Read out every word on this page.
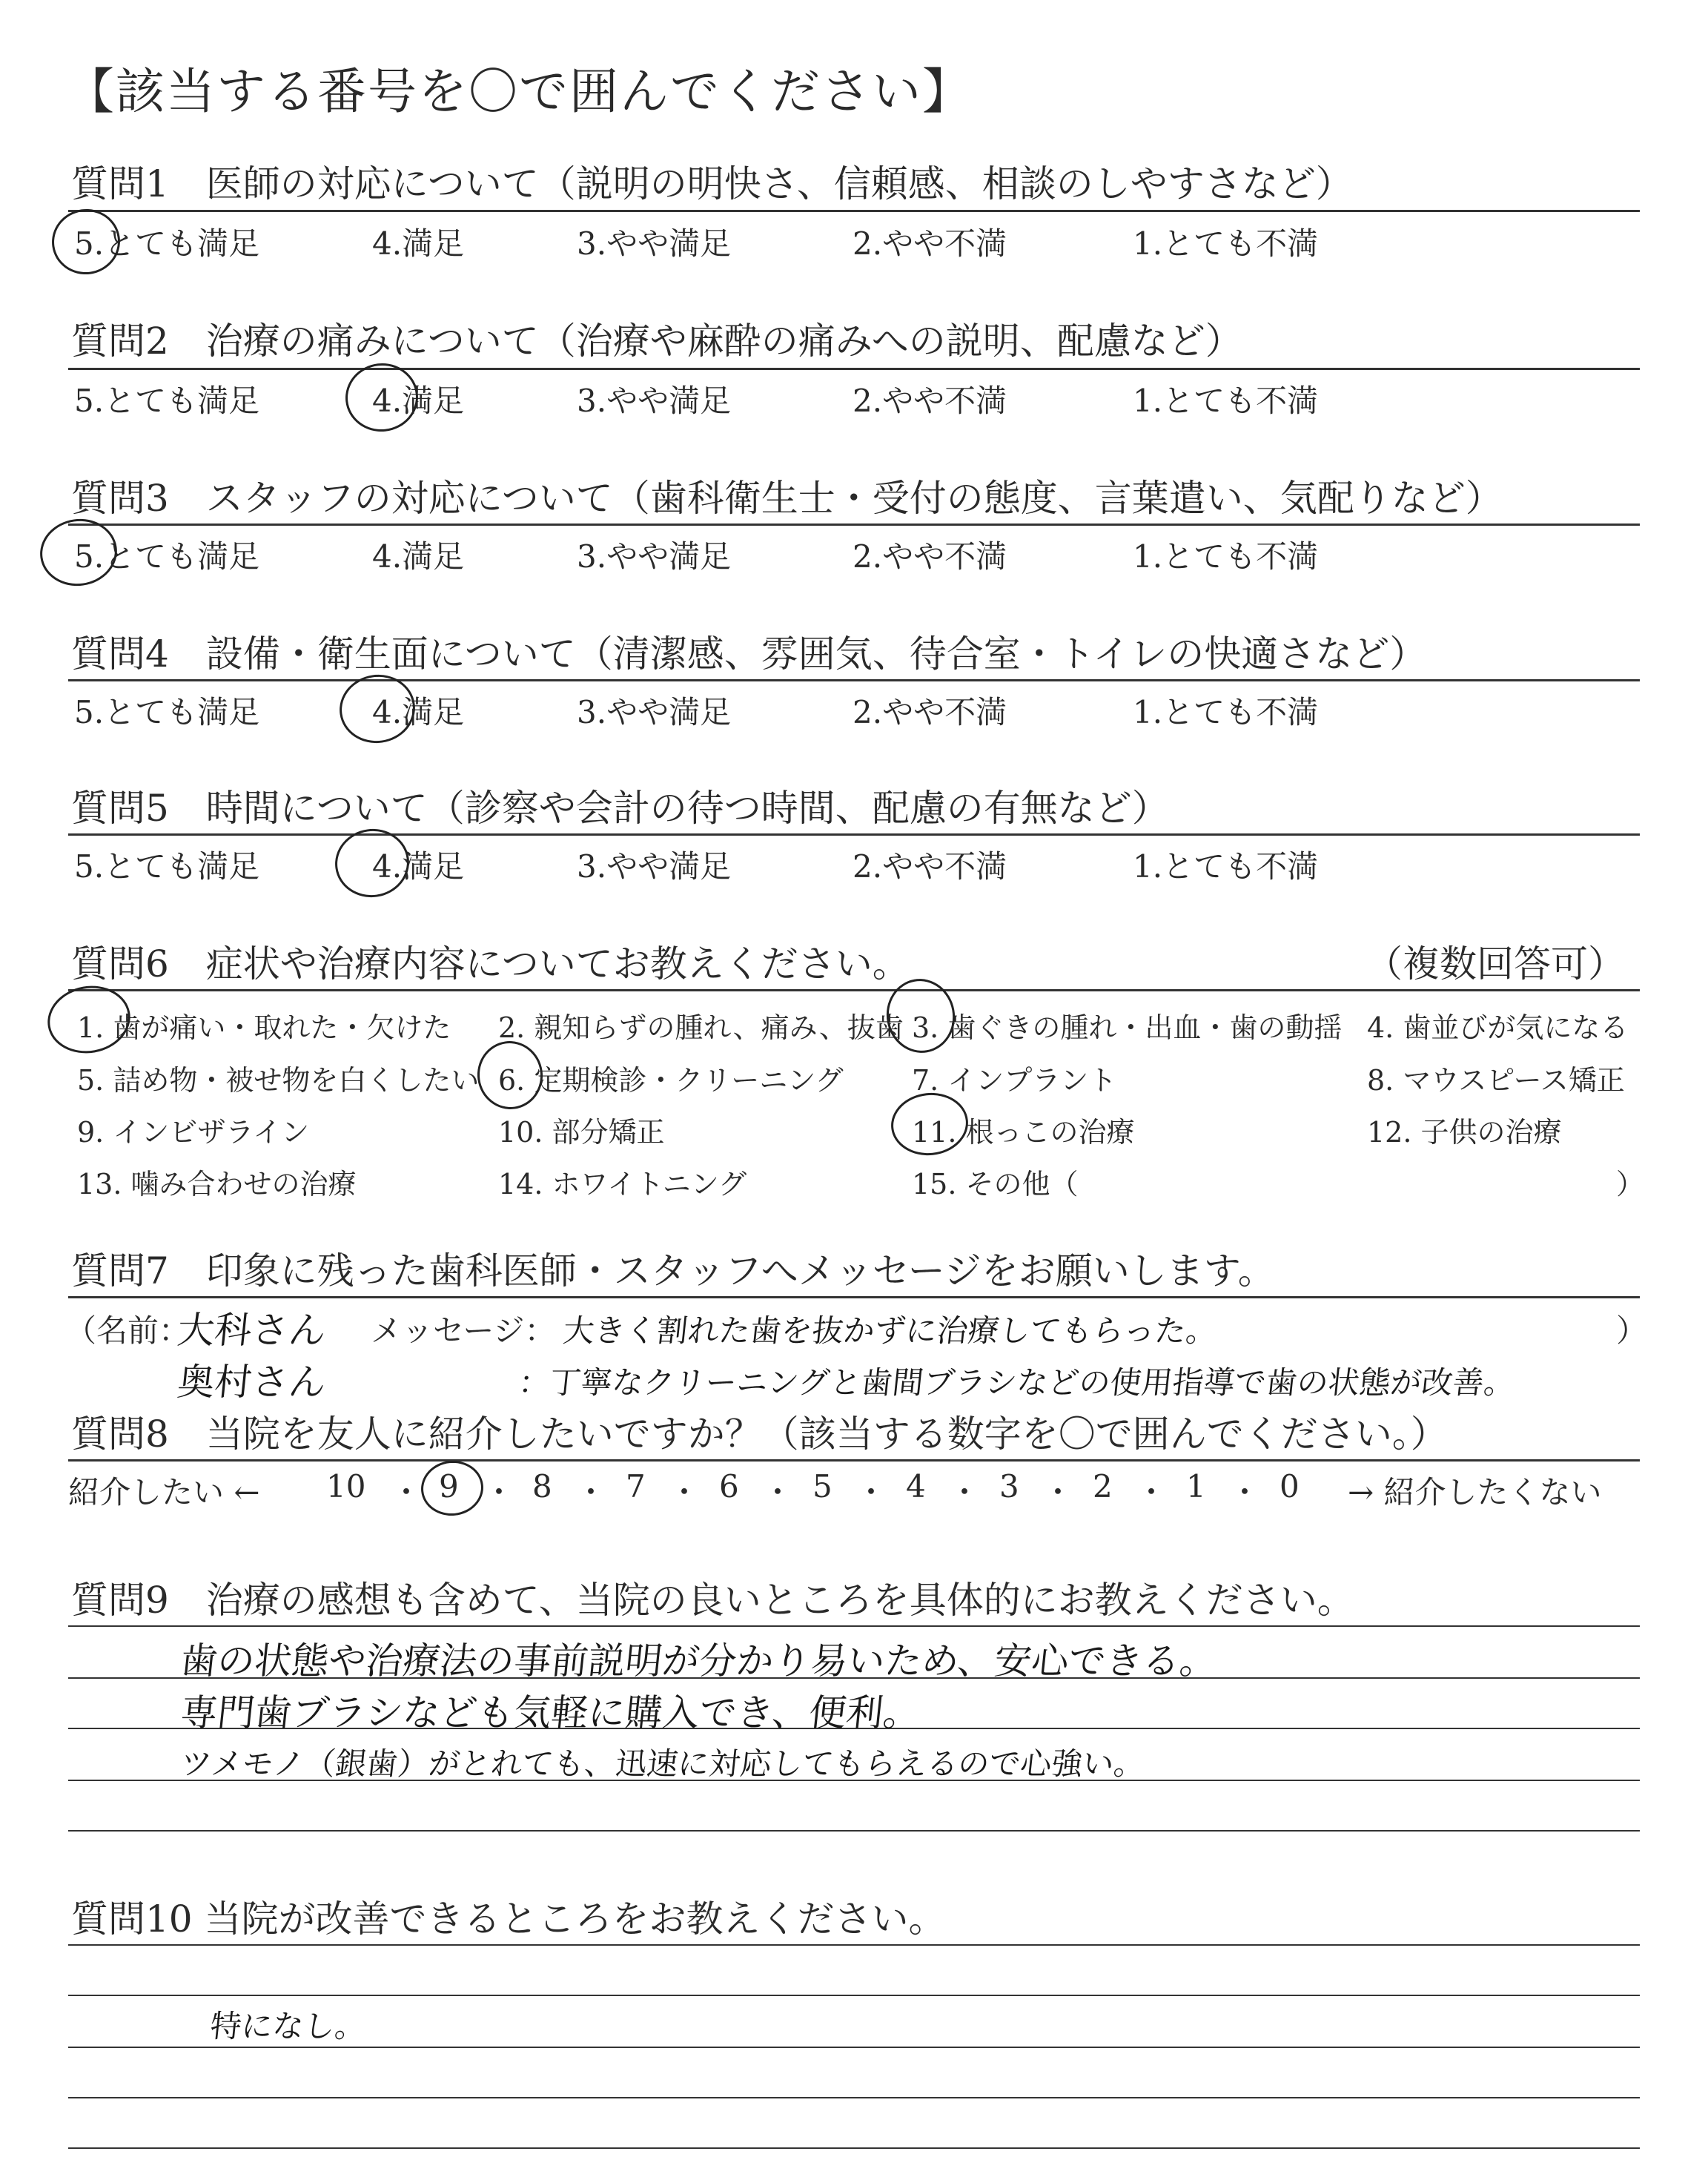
【該当する番号を〇で囲んでください】
質問1　医師の対応について（説明の明快さ、信頼感、相談のしやすさなど）
5.とても満足	4.満足	3.やや満足	2.やや不満	1.とても不満
質問2　治療の痛みについて（治療や麻酔の痛みへの説明、配慮など）
5.とても満足	4.満足	3.やや満足	2.やや不満	1.とても不満
質問3　スタッフの対応について（歯科衛生士・受付の態度、言葉遣い、気配りなど）
5.とても満足	4.満足	3.やや満足	2.やや不満	1.とても不満
質問4　設備・衛生面について（清潔感、雰囲気、待合室・トイレの快適さなど）
5.とても満足	4.満足	3.やや満足	2.やや不満	1.とても不満
質問5　時間について（診察や会計の待つ時間、配慮の有無など）
5.とても満足	4.満足	3.やや満足	2.やや不満	1.とても不満
質問6　症状や治療内容についてお教えください。	（複数回答可）
1. 歯が痛い・取れた・欠けた 2. 親知らずの腫れ、痛み、抜歯 3. 歯ぐきの腫れ・出血・歯の動揺 4. 歯並びが気になる
5. 詰め物・被せ物を白くしたい 6. 定期検診・クリーニング 7. インプラント	8. マウスピース矯正
9. インビザライン	10. 部分矯正	11. 根っこの治療	12. 子供の治療
13. 噛み合わせの治療	14. ホワイトニング	15. その他（	）
質問7　印象に残った歯科医師・スタッフへメッセージをお願いします。
（名前：
大科さん メッセージ： 大きく割れた歯を抜かずに治療してもらった。	）
奥村さん	：丁寧なクリーニングと歯間ブラシなどの使用指導で歯の状態が改善。
質問8　当院を友人に紹介したいですか？（該当する数字を〇で囲んでください。）
紹介したい ←	→ 紹介したくない
10 ・ 9 ・ 8 ・ 7 ・ 6 ・ 5 ・ 4 ・ 3 ・ 2 ・ 1 ・ 0
質問9　治療の感想も含めて、当院の良いところを具体的にお教えください。
歯の状態や治療法の事前説明が分かり易いため、安心できる。
専門歯ブラシなども気軽に購入でき、便利。
ツメモノ（銀歯）がとれても、迅速に対応してもらえるので心強い。
質問10 当院が改善できるところをお教えください。
特になし。
